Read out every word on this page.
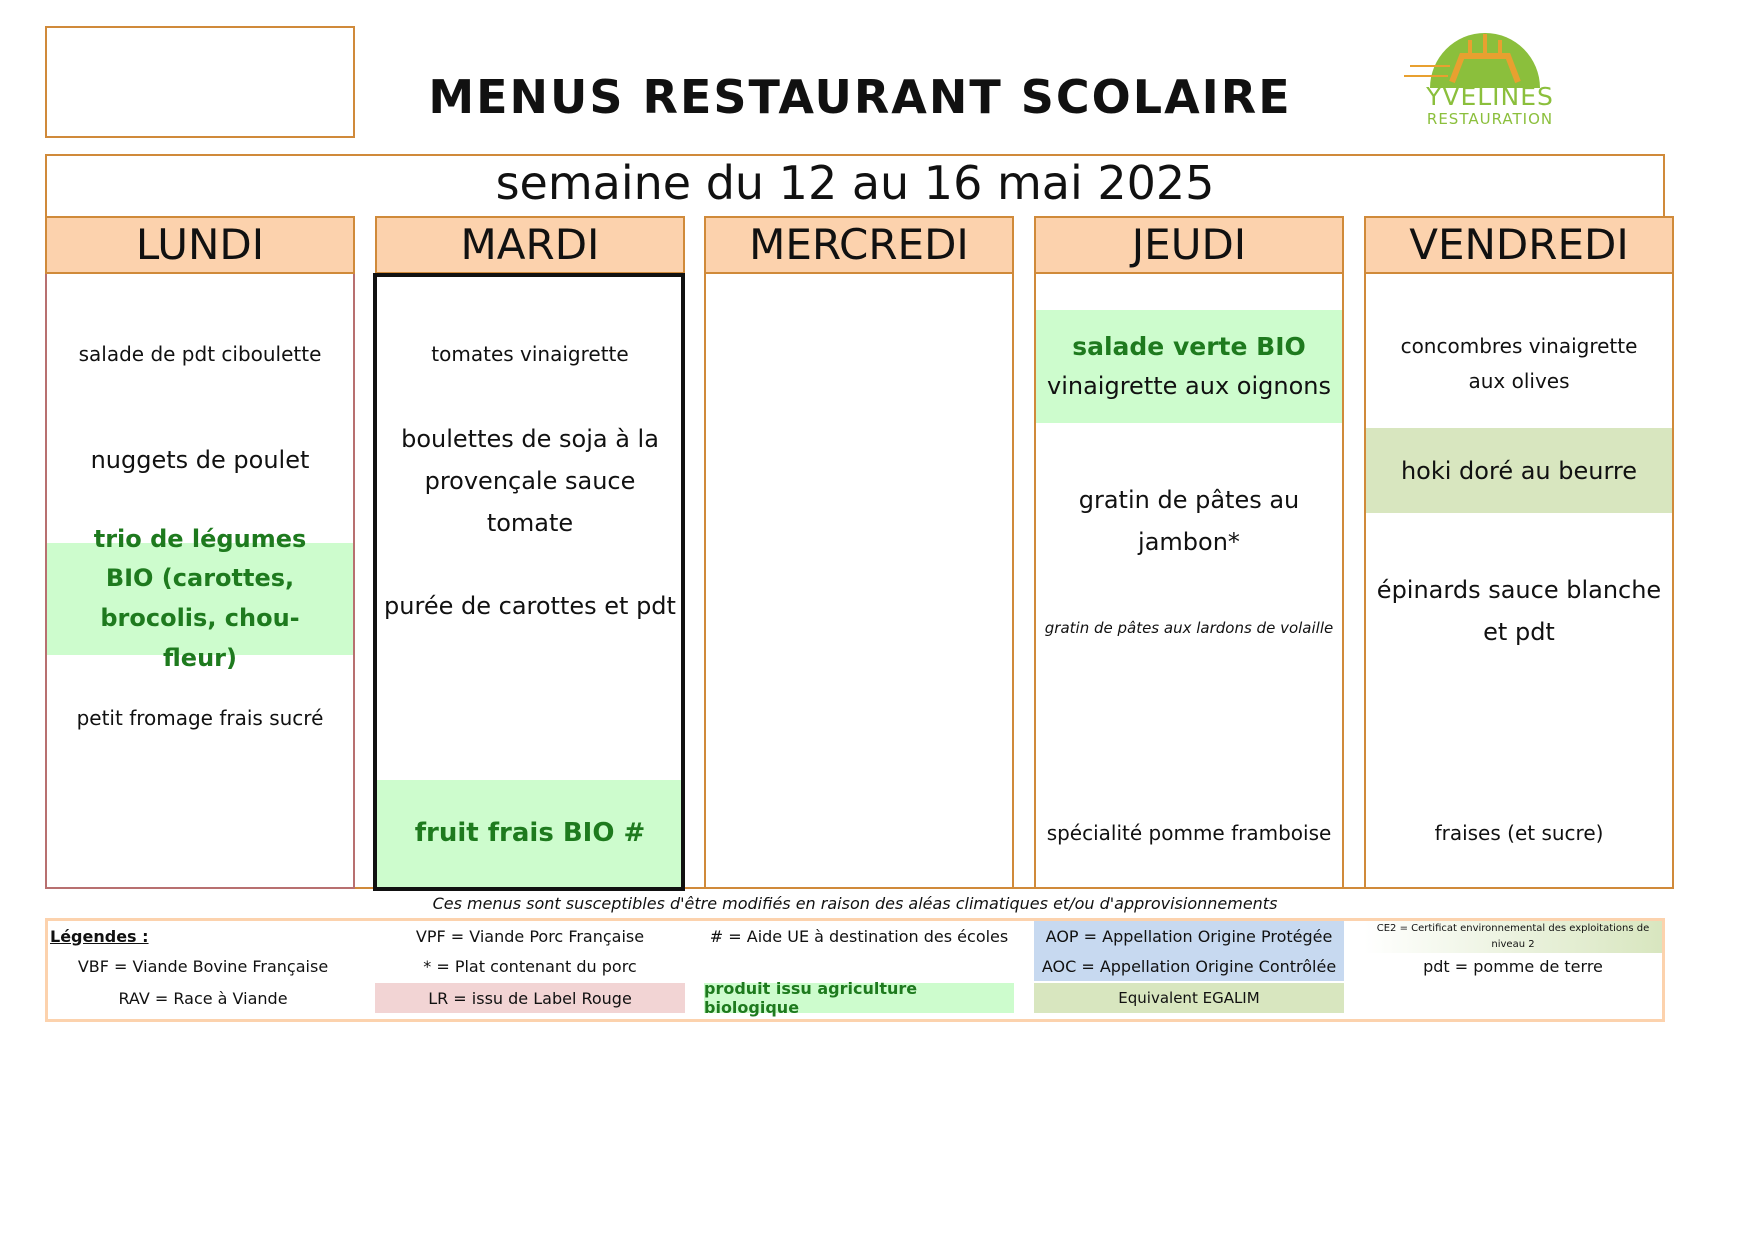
MENUS RESTAURANT SCOLAIRE	YVELINES
RESTAURATION
semaine du 12 au 16 mai 2025
LUNDI
salade de pdt ciboulette
nuggets de poulet
trio de légumes BIO (carottes, brocolis, chou-fleur)
petit fromage frais sucré
MARDI
tomates vinaigrette
boulettes de soja à la provençale sauce tomate
purée de carottes et pdt
fruit frais BIO #
MERCREDI	JEUDI
salade verte BIO
vinaigrette aux oignons
gratin de pâtes au jambon*
gratin de pâtes aux lardons de volaille
spécialité pomme framboise
VENDREDI
concombres vinaigrette aux olives
hoki doré au beurre
épinards sauce blanche et pdt
fraises (et sucre)
Ces menus sont susceptibles d'être modifiés en raison des aléas climatiques et/ou d'approvisionnements
Légendes :
VBF = Viande Bovine Française
RAV = Race à Viande
VPF = Viande Porc Française
* = Plat contenant du porc
LR = issu de Label Rouge
# = Aide UE à destination des écoles
produit issu agriculture biologique
AOP = Appellation Origine Protégée
AOC = Appellation Origine Contrôlée
Equivalent EGALIM
CE2 = Certificat environnemental des exploitations de niveau 2
pdt = pomme de terre
